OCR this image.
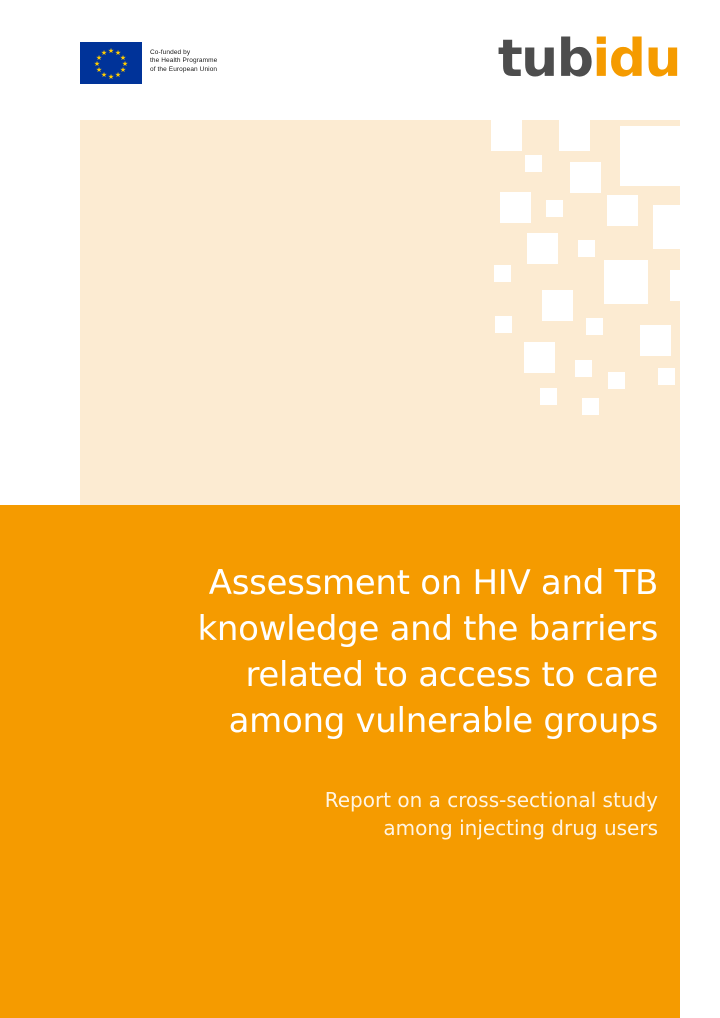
★ ★
★
★
★
★
★
★
★
★
★
★	Co-funded by
the Health Programme
of the European Union	tubidu
Assessment on HIV and TB
knowledge and the barriers
related to access to care
among vulnerable groups
Report on a cross-sectional study
among injecting drug users
